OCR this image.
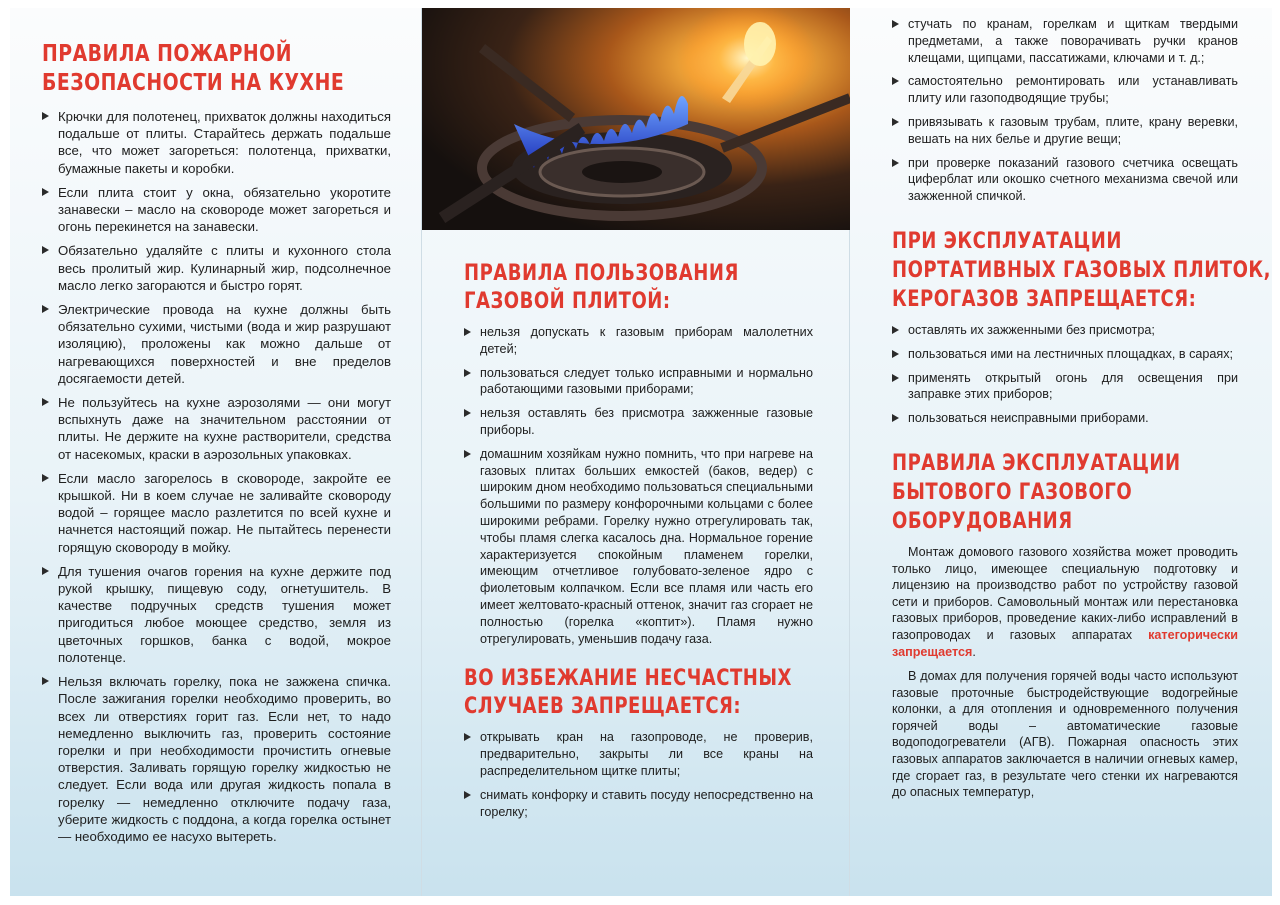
ПРАВИЛА ПОЖАРНОЙ
БЕЗОПАСНОСТИ НА КУХНЕ
Крючки для полотенец, прихваток должны находиться подальше от плиты. Старайтесь держать подальше все, что может загореться: полотенца, прихватки, бумажные пакеты и коробки.
Если плита стоит у окна, обязательно укоротите занавески – масло на сковороде может загореться и огонь перекинется на занавески.
Обязательно удаляйте с плиты и кухонного стола весь пролитый жир. Кулинарный жир, подсолнечное масло легко загораются и быстро горят.
Электрические провода на кухне должны быть обязательно сухими, чистыми (вода и жир разрушают изоляцию), проложены как можно дальше от нагревающихся поверхностей и вне пределов досягаемости детей.
Не пользуйтесь на кухне аэрозолями — они могут вспыхнуть даже на значительном расстоянии от плиты. Не держите на кухне растворители, средства от насекомых, краски в аэрозольных упаковках.
Если масло загорелось в сковороде, закройте ее крышкой. Ни в коем случае не заливайте сковороду водой – горящее масло разлетится по всей кухне и начнется настоящий пожар. Не пытайтесь перенести горящую сковороду в мойку.
Для тушения очагов горения на кухне держите под рукой крышку, пищевую соду, огнетушитель. В качестве подручных средств тушения может пригодиться любое моющее средство, земля из цветочных горшков, банка с водой, мокрое полотенце.
Нельзя включать горелку, пока не зажжена спичка. После зажигания горелки необходимо проверить, во всех ли отверстиях горит газ. Если нет, то надо немедленно выключить газ, проверить состояние горелки и при необходимости прочистить огневые отверстия. Заливать горящую горелку жидкостью не следует. Если вода или другая жидкость попала в горелку — немедленно отключите подачу газа, уберите жидкость с поддона, а когда горелка остынет — необходимо ее насухо вытереть.
ПРАВИЛА ПОЛЬЗОВАНИЯ
ГАЗОВОЙ ПЛИТОЙ:
нельзя допускать к газовым приборам малолетних детей;
пользоваться следует только исправными и нормально работающими газовыми приборами;
нельзя оставлять без присмотра зажженные газовые приборы.
домашним хозяйкам нужно помнить, что при нагреве на газовых плитах больших емкостей (баков, ведер) с широким дном необходимо пользоваться специальными большими по размеру конфорочными кольцами с более широкими ребрами. Горелку нужно отрегулировать так, чтобы пламя слегка касалось дна. Нормальное горение характеризуется спокойным пламенем горелки, имеющим отчетливое голубовато-зеленое ядро с фиолетовым колпачком. Если все пламя или часть его имеет желтовато-красный оттенок, значит газ сгорает не полностью (горелка «коптит»). Пламя нужно отрегулировать, уменьшив подачу газа.
ВО ИЗБЕЖАНИЕ НЕСЧАСТНЫХ
СЛУЧАЕВ ЗАПРЕЩАЕТСЯ:
открывать кран на газопроводе, не проверив, предварительно, закрыты ли все краны на распределительном щитке плиты;
снимать конфорку и ставить посуду непосредственно на горелку;
стучать по кранам, горелкам и щиткам твердыми предметами, а также поворачивать ручки кранов клещами, щипцами, пассатижами, ключами и т. д.;
самостоятельно ремонтировать или устанавливать плиту или газоподводящие трубы;
привязывать к газовым трубам, плите, крану веревки, вешать на них белье и другие вещи;
при проверке показаний газового счетчика освещать циферблат или окошко счетного механизма свечой или зажженной спичкой.
ПРИ ЭКСПЛУАТАЦИИ
ПОРТАТИВНЫХ ГАЗОВЫХ ПЛИТОК,
КЕРОГАЗОВ ЗАПРЕЩАЕТСЯ:
оставлять их зажженными без присмотра;
пользоваться ими на лестничных площадках, в сараях;
применять открытый огонь для освещения при заправке этих приборов;
пользоваться неисправными приборами.
ПРАВИЛА ЭКСПЛУАТАЦИИ
БЫТОВОГО ГАЗОВОГО
ОБОРУДОВАНИЯ

Монтаж домового газового хозяйства может проводить только лицо, имеющее специальную подготовку и лицензию на производство работ по устройству газовой сети и приборов. Самовольный монтаж или перестановка газовых приборов, проведение каких-либо исправлений в газопроводах и газовых аппаратах категорически запрещается.

В домах для получения горячей воды часто используют газовые проточные быстродействующие водогрейные колонки, а для отопления и одновременного получения горячей воды – автоматические газовые водоподогреватели (АГВ). Пожарная опасность этих газовых аппаратов заключается в наличии огневых камер, где сгорает газ, в результате чего стенки их нагреваются до опасных температур,
